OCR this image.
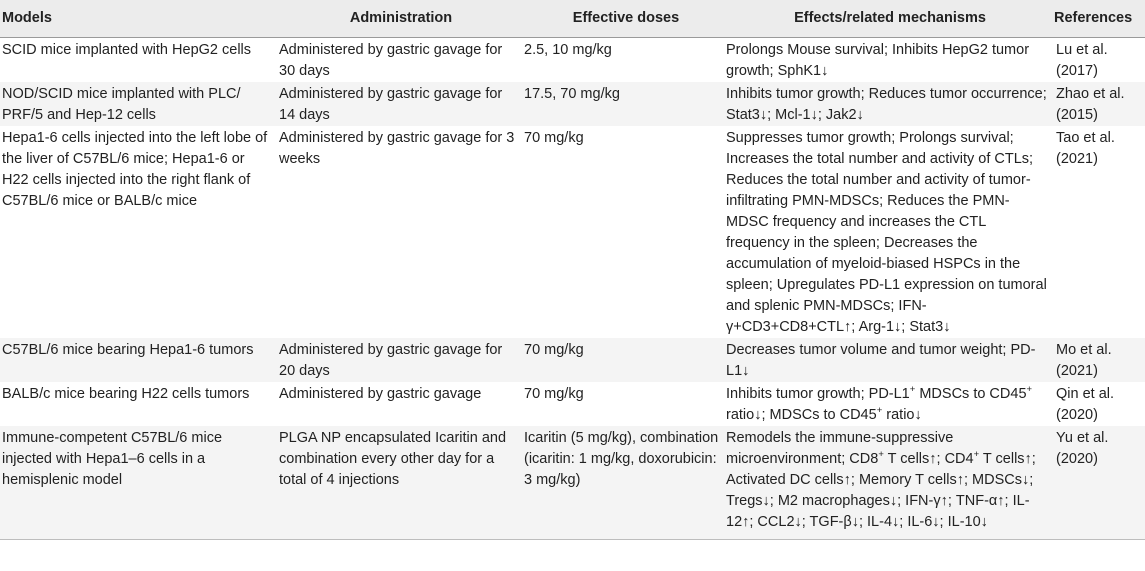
Models	Administration	Effective doses	Effects/related mechanisms	References
SCID mice implanted with HepG2 cells	Administered by gastric gavage for 30 days	2.5, 10 mg/kg	Prolongs Mouse survival; Inhibits HepG2 tumor growth; SphK1↓	Lu et al. (2017)
NOD/SCID mice implanted with PLC/ PRF/5 and Hep-12 cells	Administered by gastric gavage for 14 days	17.5, 70 mg/kg	Inhibits tumor growth; Reduces tumor occurrence; Stat3↓; Mcl-1↓; Jak2↓	Zhao et al. (2015)
Hepa1-6 cells injected into the left lobe of the liver of C57BL/6 mice; Hepa1-6 or H22 cells injected into the right flank of C57BL/6 mice or BALB/c mice	Administered by gastric gavage for 3 weeks	70 mg/kg	Suppresses tumor growth; Prolongs survival; Increases the total number and activity of CTLs; Reduces the total number and activity of tumor-infiltrating PMN-MDSCs; Reduces the PMN-MDSC frequency and increases the CTL frequency in the spleen; Decreases the accumulation of myeloid-biased HSPCs in the spleen; Upregulates PD-L1 expression on tumoral and splenic PMN-MDSCs; IFN-γ+CD3+CD8+CTL↑; Arg-1↓; Stat3↓	Tao et al. (2021)
C57BL/6 mice bearing Hepa1-6 tumors	Administered by gastric gavage for 20 days	70 mg/kg	Decreases tumor volume and tumor weight; PD-L1↓	Mo et al. (2021)
BALB/c mice bearing H22 cells tumors	Administered by gastric gavage	70 mg/kg	Inhibits tumor growth; PD-L1+ MDSCs to CD45+ ratio↓; MDSCs to CD45+ ratio↓	Qin et al. (2020)
Immune-competent C57BL/6 mice injected with Hepa1–6 cells in a hemisplenic model	PLGA NP encapsulated Icaritin and combination every other day for a total of 4 injections	Icaritin (5 mg/kg), combination (icaritin: 1 mg/kg, doxorubicin: 3 mg/kg)	Remodels the immune-suppressive microenvironment; CD8+ T cells↑; CD4+ T cells↑; Activated DC cells↑; Memory T cells↑; MDSCs↓; Tregs↓; M2 macrophages↓; IFN-γ↑; TNF-α↑; IL-12↑; CCL2↓; TGF-β↓; IL-4↓; IL-6↓; IL-10↓	Yu et al. (2020)
